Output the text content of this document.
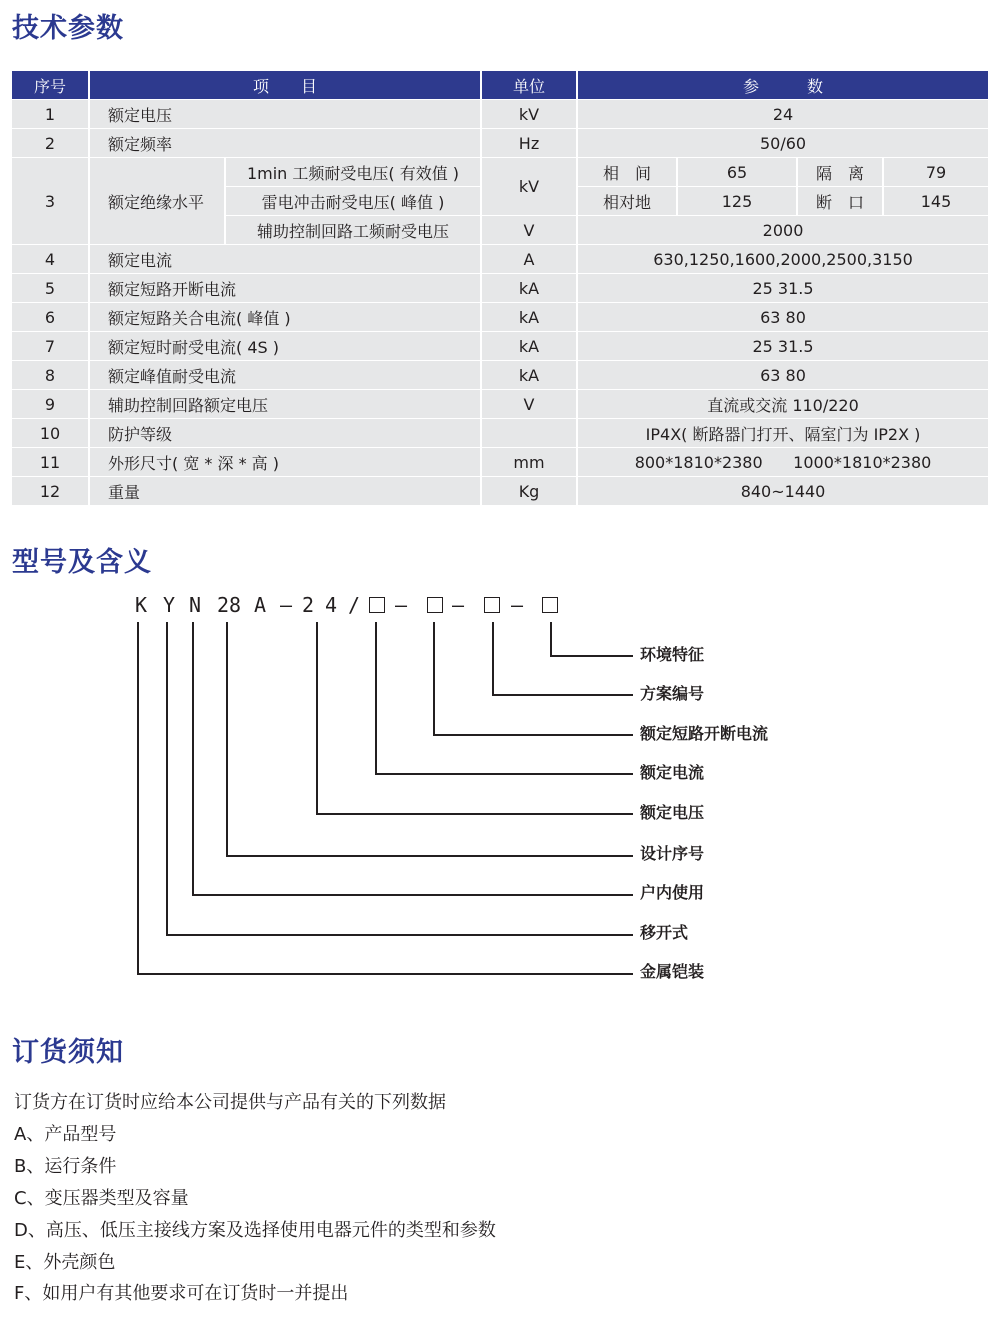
技术参数
序号	项　　目		单位	参　　　数			
1	额定电压		kV	24			
2	额定频率		Hz	50/60			
3	额定绝缘水平	1min 工频耐受电压( 有效值 )	kV	相　间	65	隔　离	79
		雷电冲击耐受电压( 峰值 )		相对地	125	断　口	145
		辅助控制回路工频耐受电压	V	2000			
4	额定电流		A	630,1250,1600,2000,2500,3150			
5	额定短路开断电流		kA	25 31.5			
6	额定短路关合电流( 峰值 )		kA	63 80			
7	额定短时耐受电流( 4S )		kA	25 31.5			
8	额定峰值耐受电流		kA	63 80			
9	辅助控制回路额定电压		V	直流或交流 110/220			
10	防护等级			IP4X( 断路器门打开、隔室门为 IP2X )			
11	外形尺寸( 宽 * 深 * 高 )		mm	800*1810*2380      1000*1810*2380			
12	重量		Kg	840~1440			
型号及含义
K Y N 28 A – 2 4 / – – –
环境特征
方案编号
额定短路开断电流
额定电流
额定电压
设计序号
户内使用
移开式
金属铠装
订货须知

订货方在订货时应给本公司提供与产品有关的下列数据

A、产品型号

B、运行条件

C、变压器类型及容量

D、高压、低压主接线方案及选择使用电器元件的类型和参数

E、外壳颜色

F、如用户有其他要求可在订货时一并提出
